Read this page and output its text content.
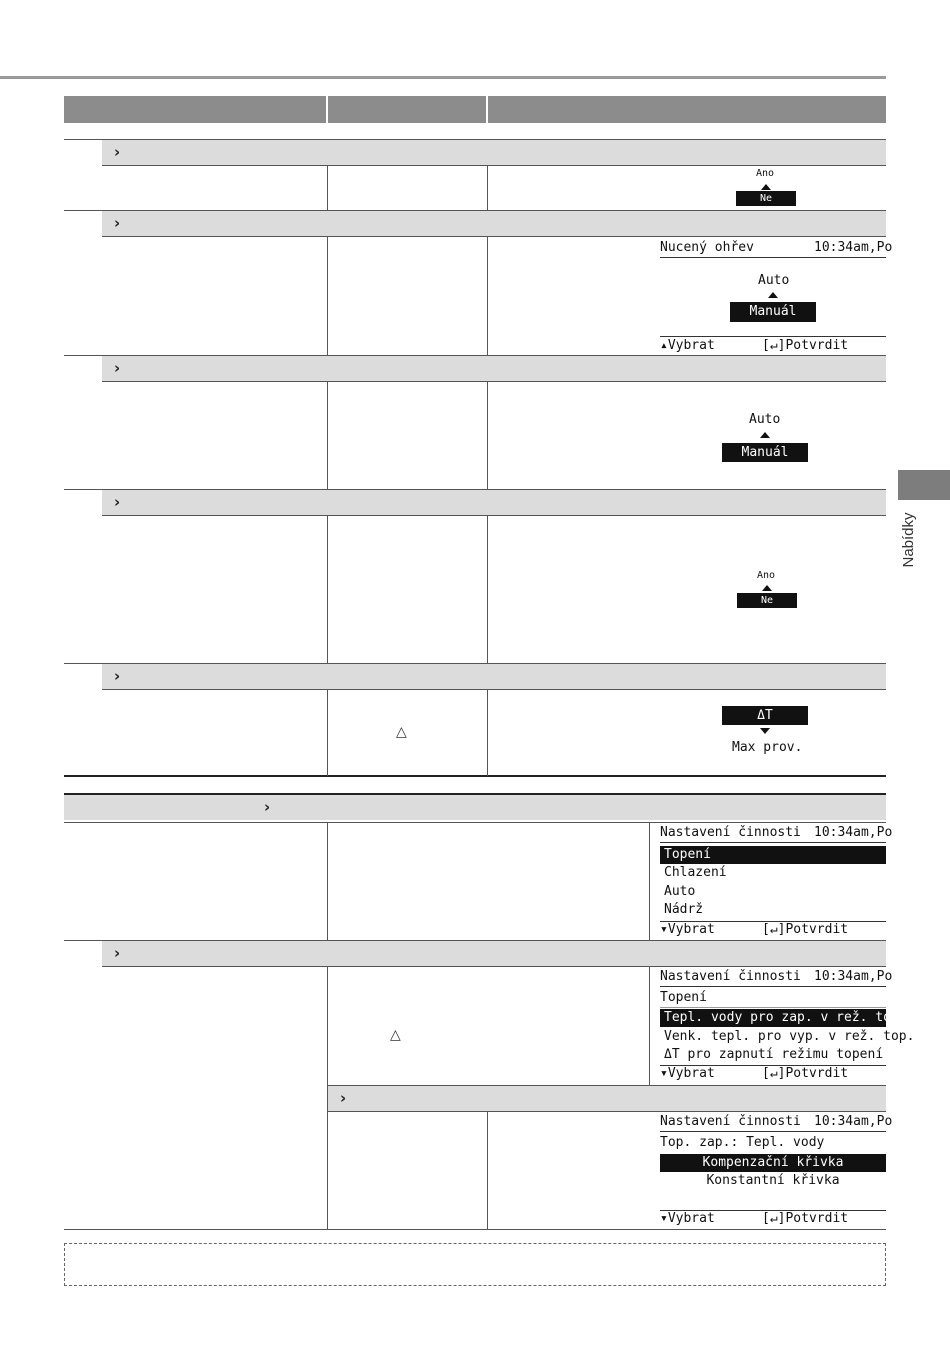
›
Ano
Ne
›
Nucený ohřev	10:34am,Po
Auto
Manuál
▴Vybrat	[↵]Potvrdit
›
Auto
Manuál
›
Ano
Ne
›
△
ΔT
Max prov.
›
Nastavení činnosti 10:34am,Po
Topení
Chlazení
Auto
Nádrž
▾Vybrat	[↵]Potvrdit
›
△
Nastavení činnosti 10:34am,Po
Topení
Tepl. vody pro zap. v rež. top.
Venk. tepl. pro vyp. v rež. top.
ΔT pro zapnutí režimu topení
▾Vybrat	[↵]Potvrdit
›
Nastavení činnosti 10:34am,Po
Top. zap.: Tepl. vody
Kompenzační křivka
Konstantní křivka
▾Vybrat	[↵]Potvrdit
Nabídky
